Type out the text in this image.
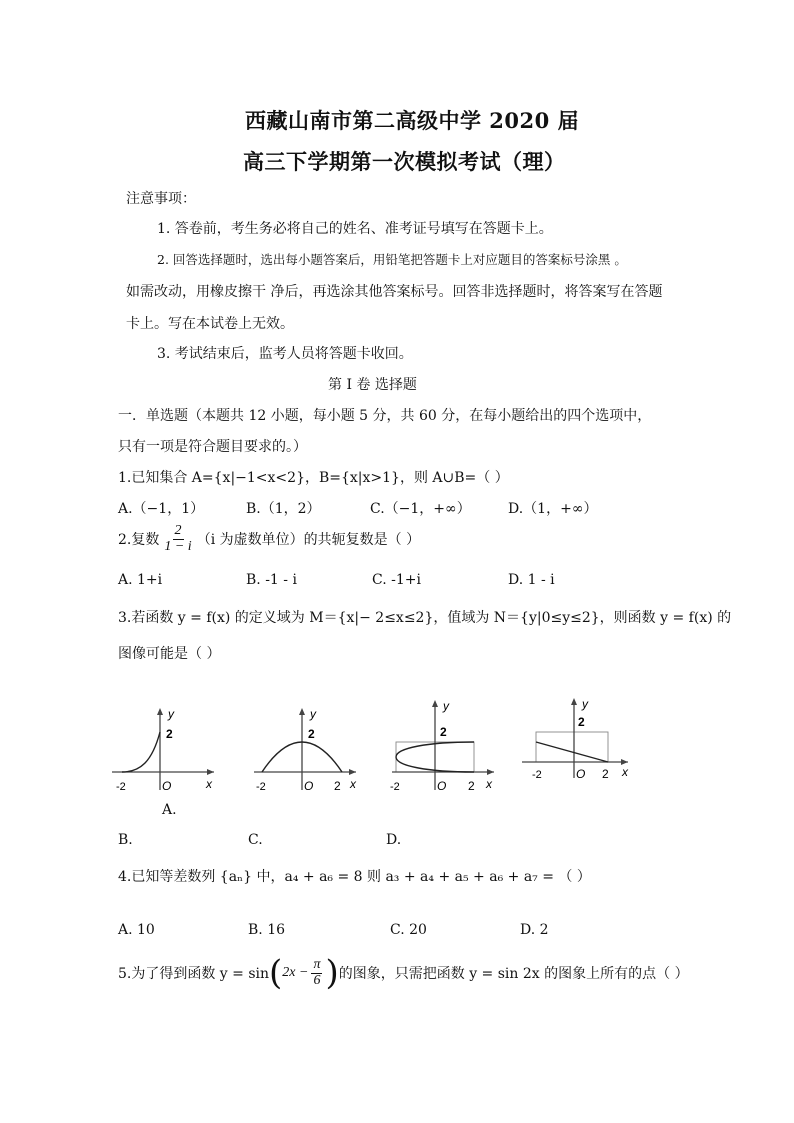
西藏山南市第二高级中学 2020 届
高三下学期第一次模拟考试（理）
注意事项：
1. 答卷前，考生务必将自己的姓名、准考证号填写在答题卡上。
2. 回答选择题时，选出每小题答案后，用铅笔把答题卡上对应题目的答案标号涂黑 。
如需改动，用橡皮擦干 净后，再选涂其他答案标号。回答非选择题时，将答案写在答题
卡上。写在本试卷上无效。
3. 考试结束后，监考人员将答题卡收回。
第 I 卷 选择题
一．单选题（本题共 12 小题，每小题 5 分，共 60 分，在每小题给出的四个选项中，
只有一项是符合题目要求的。）
1.已知集合 A={x|−1<x<2}，B={x|x>1}，则 A∪B=（ ）
A.（−1，1）	B.（1，2）	C.（−1，+∞）	D.（1，+∞）
2.复数 $\frac{2}{1 - i} (i$ 为虚数单位）的共轭复数是（ ）
A. 1+i	B. -1 - i	C. -1+i	D. 1 - i
3.若函数 y = f(x) 的定义域为 M＝{x|− 2≤x≤2}，值域为 N＝{y|0≤y≤2}，则函数 y = f(x) 的
图像可能是（ ）
y
2
-2	O	x
y
2
-2	O 2 x
y
2
-2	O 2 x
y
2
-2	O 2 x
A.
B.	C.	D.
4.已知等差数列 {aₙ} 中，a₄ + a₆ = 8 则 a₃ + a₄ + a₅ + a₆ + a₇ = （ ）
A. 10	B. 16	C. 20	D. 2
5.为了得到函数 y = sin ( $2x - \frac{\pi}{6}$ ) 的图象，只需把函数 y = sin 2x 的图象上所有的点（ ）
